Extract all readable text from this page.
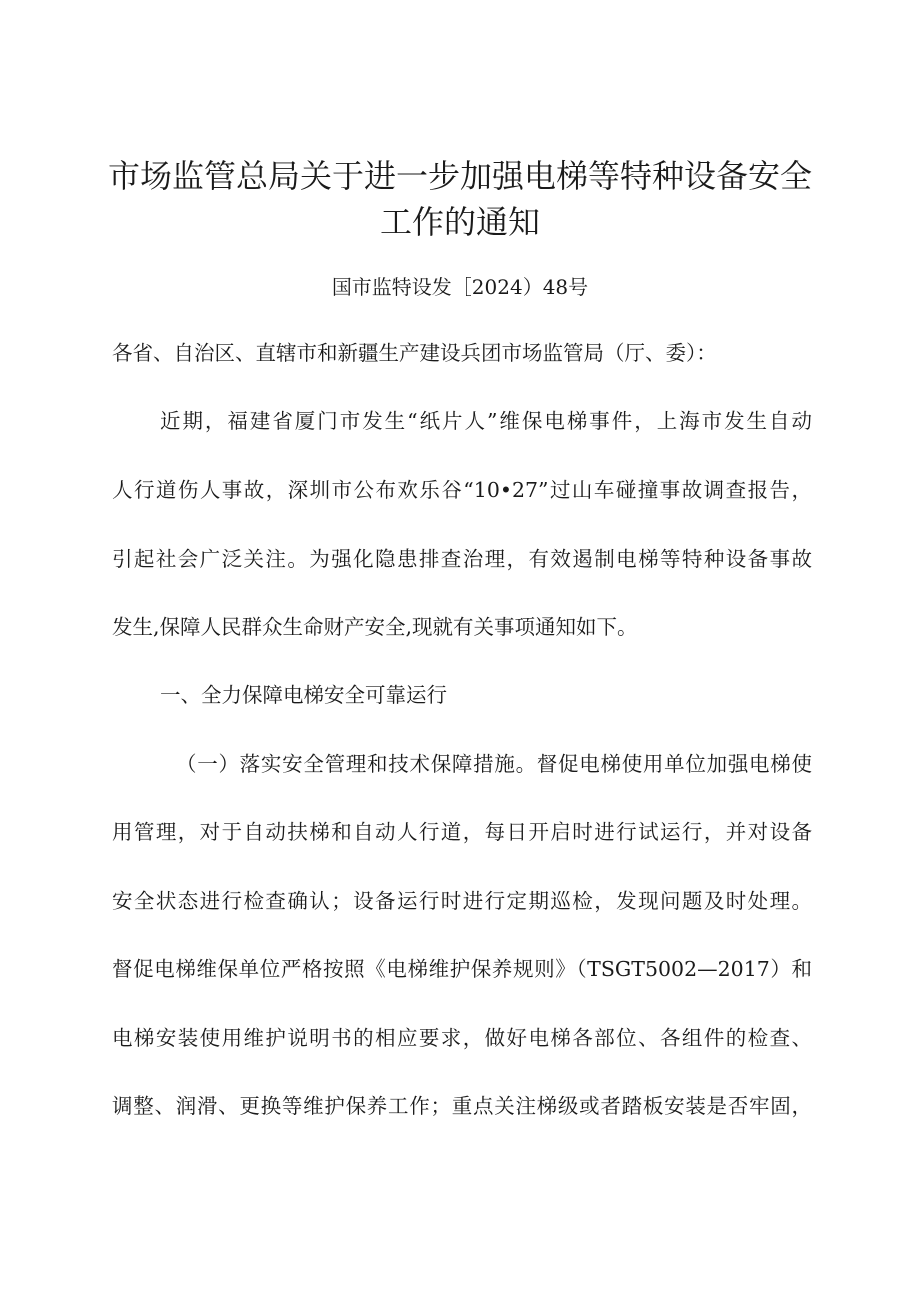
市场监管总局关于进一步加强电梯等特种设备安全
工作的通知
国市监特设发［2024）48号
各省、自治区、直辖市和新疆生产建设兵团市场监管局（厅、委）：
近期，福建省厦门市发生“纸片人”维保电梯事件，上海市发生自动
人行道伤人事故，深圳市公布欢乐谷“10•27”过山车碰撞事故调查报告，
引起社会广泛关注。为强化隐患排查治理，有效遏制电梯等特种设备事故
发生,保障人民群众生命财产安全,现就有关事项通知如下。
一、全力保障电梯安全可靠运行
（一）落实安全管理和技术保障措施。督促电梯使用单位加强电梯使
用管理，对于自动扶梯和自动人行道，每日开启时进行试运行，并对设备
安全状态进行检查确认；设备运行时进行定期巡检，发现问题及时处理。
督促电梯维保单位严格按照《电梯维护保养规则》（TSGT5002—2017）和
电梯安装使用维护说明书的相应要求，做好电梯各部位、各组件的检查、
调整、润滑、更换等维护保养工作；重点关注梯级或者踏板安装是否牢固，
